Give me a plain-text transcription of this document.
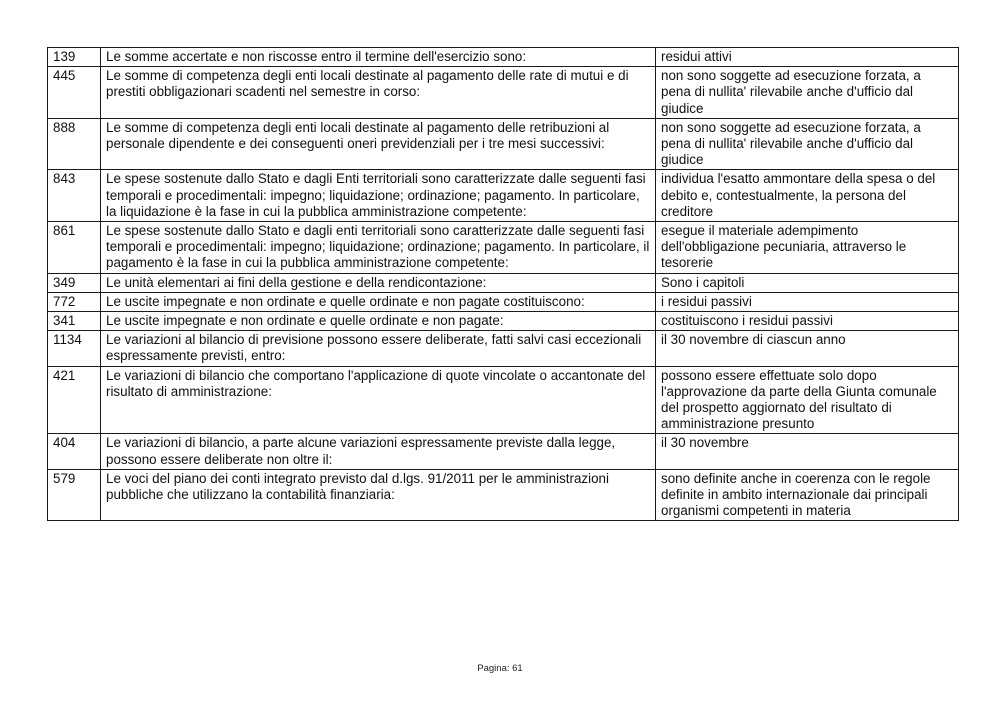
139	Le somme accertate e non riscosse entro il termine dell'esercizio sono:	residui attivi
445	Le somme di competenza degli enti locali destinate al pagamento delle rate di mutui e di prestiti obbligazionari scadenti nel semestre in corso:	non sono soggette ad esecuzione forzata, a pena di nullita' rilevabile anche d'ufficio dal giudice
888	Le somme di competenza degli enti locali destinate al pagamento delle retribuzioni al personale dipendente e dei conseguenti oneri previdenziali per i tre mesi successivi:	non sono soggette ad esecuzione forzata, a pena di nullita' rilevabile anche d'ufficio dal giudice
843	Le spese sostenute dallo Stato e dagli Enti territoriali sono caratterizzate dalle seguenti fasi temporali e procedimentali: impegno; liquidazione; ordinazione; pagamento. In particolare, la liquidazione è la fase in cui la pubblica amministrazione competente:	individua l'esatto ammontare della spesa o del debito e, contestualmente, la persona del creditore
861	Le spese sostenute dallo Stato e dagli enti territoriali sono caratterizzate dalle seguenti fasi temporali e procedimentali: impegno; liquidazione; ordinazione; pagamento. In particolare, il pagamento è la fase in cui la pubblica amministrazione competente:	esegue il materiale adempimento dell'obbligazione pecuniaria, attraverso le tesorerie
349	Le unità elementari ai fini della gestione e della rendicontazione:	Sono i capitoli
772	Le uscite impegnate e non ordinate e quelle ordinate e non pagate costituiscono:	i residui passivi
341	Le uscite impegnate e non ordinate e quelle ordinate e non pagate:	costituiscono i residui passivi
1134	Le variazioni al bilancio di previsione possono essere deliberate, fatti salvi casi eccezionali espressamente previsti, entro:	il 30 novembre di ciascun anno
421	Le variazioni di bilancio che comportano l'applicazione di quote vincolate o accantonate del risultato di amministrazione:	possono essere effettuate solo dopo l'approvazione da parte della Giunta comunale del prospetto aggiornato del risultato di amministrazione presunto
404	Le variazioni di bilancio, a parte alcune variazioni espressamente previste dalla legge, possono essere deliberate non oltre il:	il 30 novembre
579	Le voci del piano dei conti integrato previsto dal d.lgs. 91/2011 per le amministrazioni pubbliche che utilizzano la contabilità finanziaria:	sono definite anche in coerenza con le regole definite in ambito internazionale dai principali organismi competenti in materia
Pagina: 61
